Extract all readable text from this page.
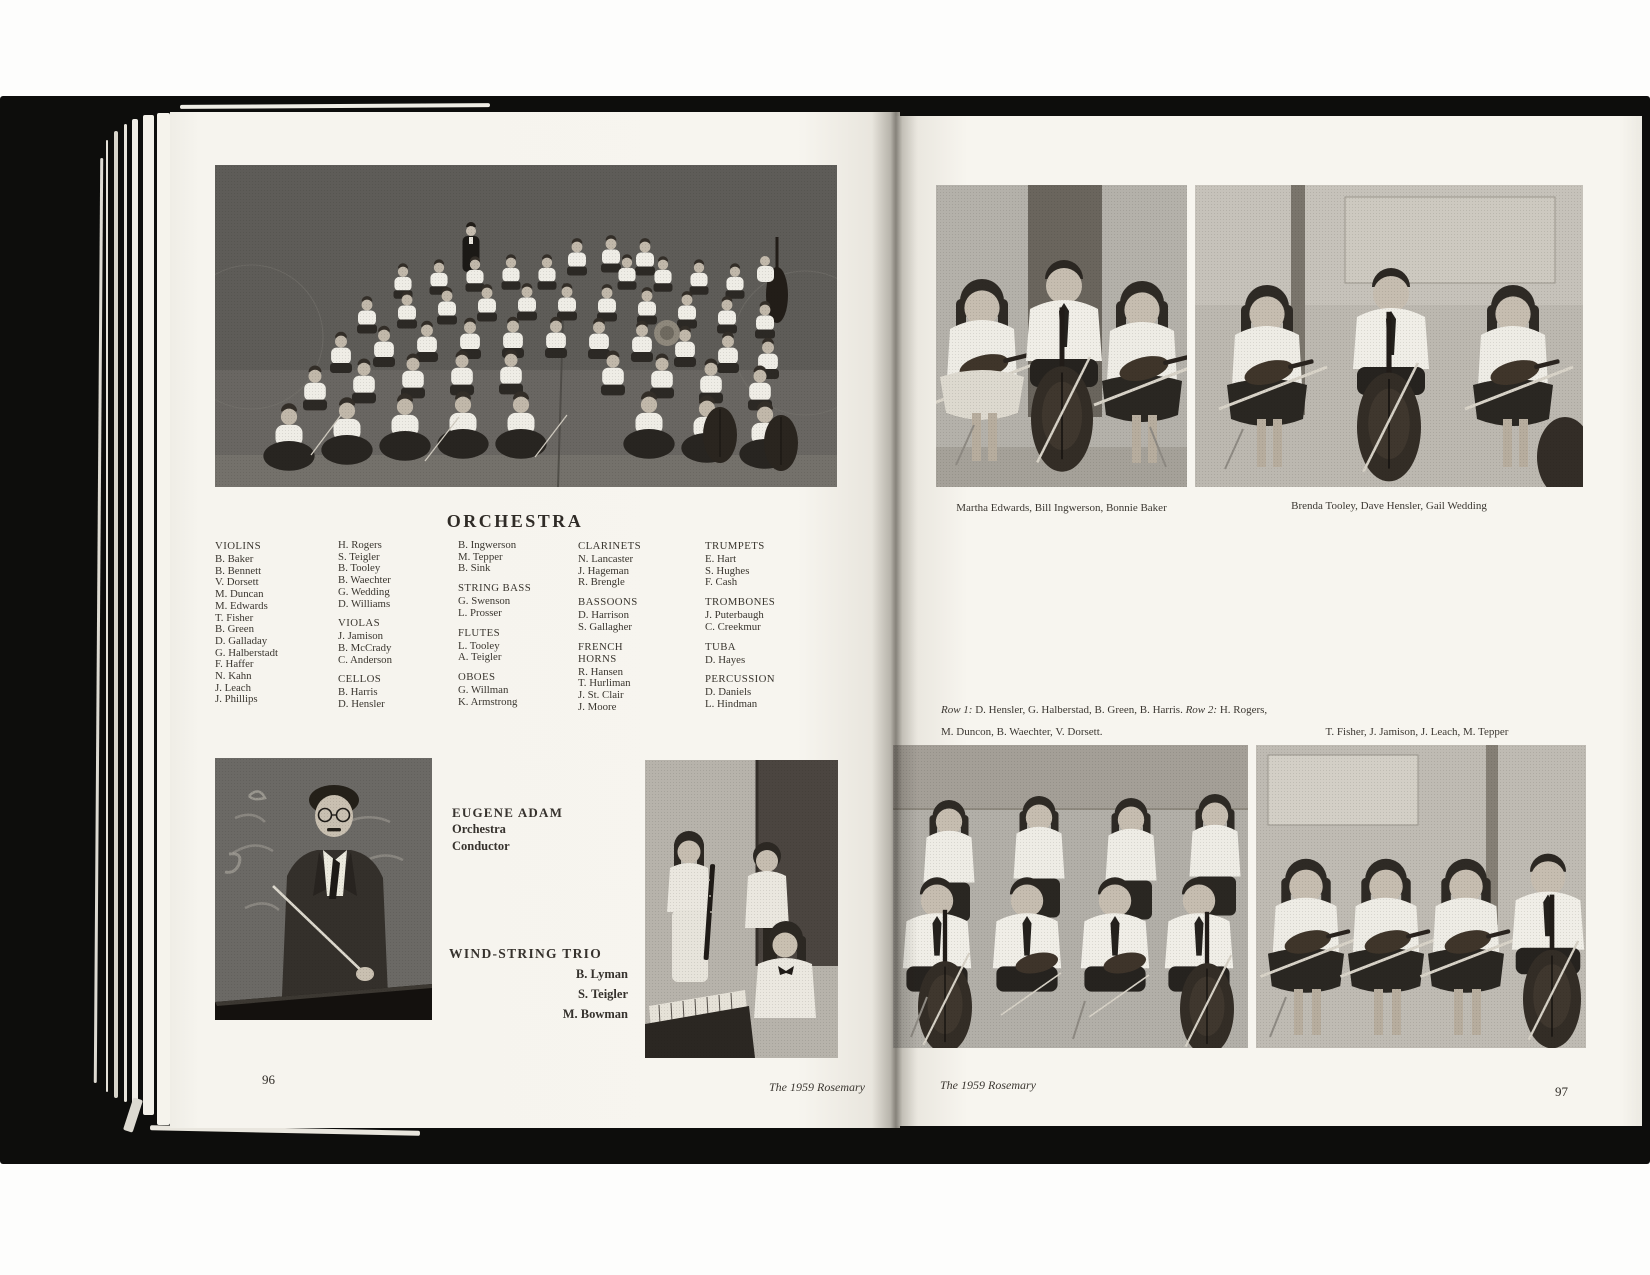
ORCHESTRA
VIOLINS
B. Baker
B. Bennett
V. Dorsett
M. Duncan
M. Edwards
T. Fisher
B. Green
D. Galladay
G. Halberstadt
F. Haffer
N. Kahn
J. Leach
J. Phillips
H. Rogers
S. Teigler
B. Tooley
B. Waechter
G. Wedding
D. Williams
VIOLAS
J. Jamison
B. McCrady
C. Anderson
CELLOS
B. Harris
D. Hensler
B. Ingwerson
M. Tepper
B. Sink
STRING BASS
G. Swenson
L. Prosser
FLUTES
L. Tooley
A. Teigler
OBOES
G. Willman
K. Armstrong
CLARINETS
N. Lancaster
J. Hageman
R. Brengle
BASSOONS
D. Harrison
S. Gallagher
FRENCH HORNS
R. Hansen
T. Hurliman
J. St. Clair
J. Moore
TRUMPETS
E. Hart
S. Hughes
F. Cash
TROMBONES
J. Puterbaugh
C. Creekmur
TUBA
D. Hayes
PERCUSSION
D. Daniels
L. Hindman
EUGENE ADAM
Orchestra
Conductor
WIND-STRING TRIO
B. Lyman
S. Teigler
M. Bowman
96	The 1959 Rosemary
Martha Edwards, Bill Ingwerson, Bonnie Baker	Brenda Tooley, Dave Hensler, Gail Wedding
Row 1: D. Hensler, G. Halberstad, B. Green, B. Harris. Row 2: H. Rogers, M. Duncon, B. Waechter, V. Dorsett.	T. Fisher, J. Jamison, J. Leach, M. Tepper
The 1959 Rosemary	97
